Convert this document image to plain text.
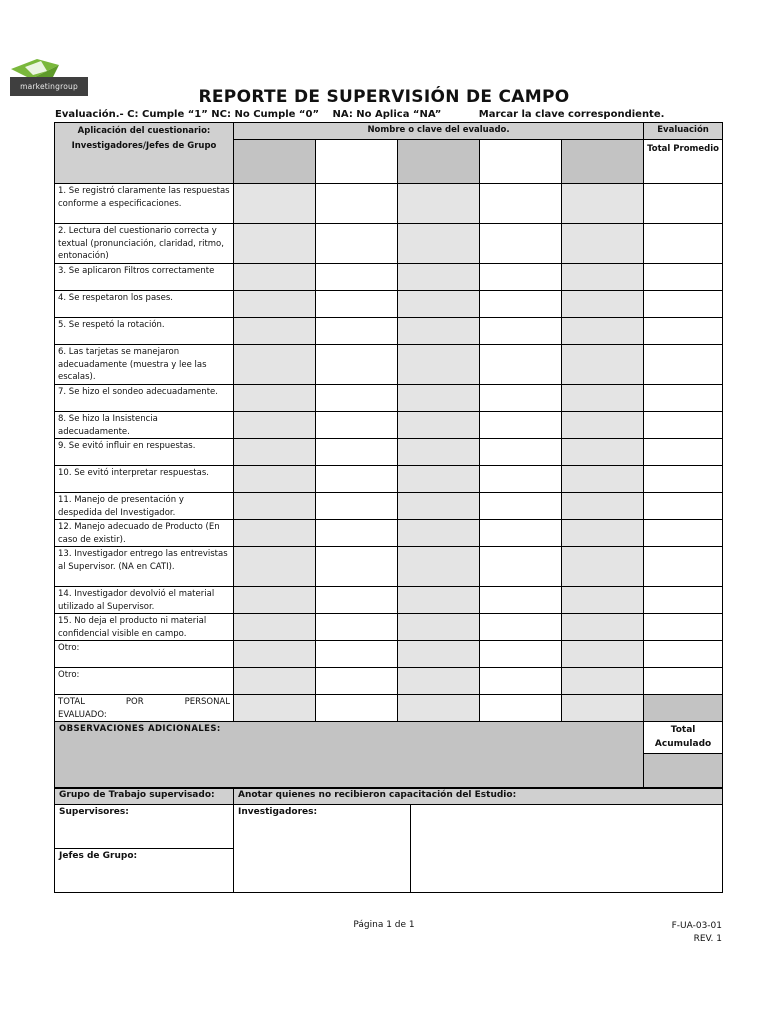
marketingroup
REPORTE DE SUPERVISIÓN DE CAMPO
Evaluación.- C: Cumple “1” NC: No Cumple “0” NA: No Aplica “NA”	Marcar la clave correspondiente.
Aplicación del cuestionario: Investigadores/Jefes de Grupo	Nombre o clave del evaluado.					Evaluación
						Total Promedio
1. Se registró claramente las respuestas conforme a especificaciones.						
2. Lectura del cuestionario correcta y textual (pronunciación, claridad, ritmo, entonación)						
3. Se aplicaron Filtros correctamente						
4. Se respetaron los pases.						
5. Se respetó la rotación.						
6. Las tarjetas se manejaron adecuadamente (muestra y lee las escalas).						
7. Se hizo el sondeo adecuadamente.						
8. Se hizo la Insistencia adecuadamente.						
9. Se evitó influir en respuestas.						
10. Se evitó interpretar respuestas.						
11. Manejo de presentación y despedida del Investigador.						
12. Manejo adecuado de Producto (En caso de existir).						
13. Investigador entrego las entrevistas al Supervisor. (NA en CATI).						
14. Investigador devolvió el material utilizado al Supervisor.						
15. No deja el producto ni material confidencial visible en campo.						
Otro:						
Otro:						

TOTAL POR PERSONAL
EVALUADO:						

OBSERVACIONES ADICIONALES:						Total Acumulado
Grupo de Trabajo supervisado:	Anotar quienes no recibieron capacitación del Estudio:	
Supervisores:	Investigadores:	
Jefes de Grupo:		
Página 1 de 1	F-UA-03-01
REV. 1
